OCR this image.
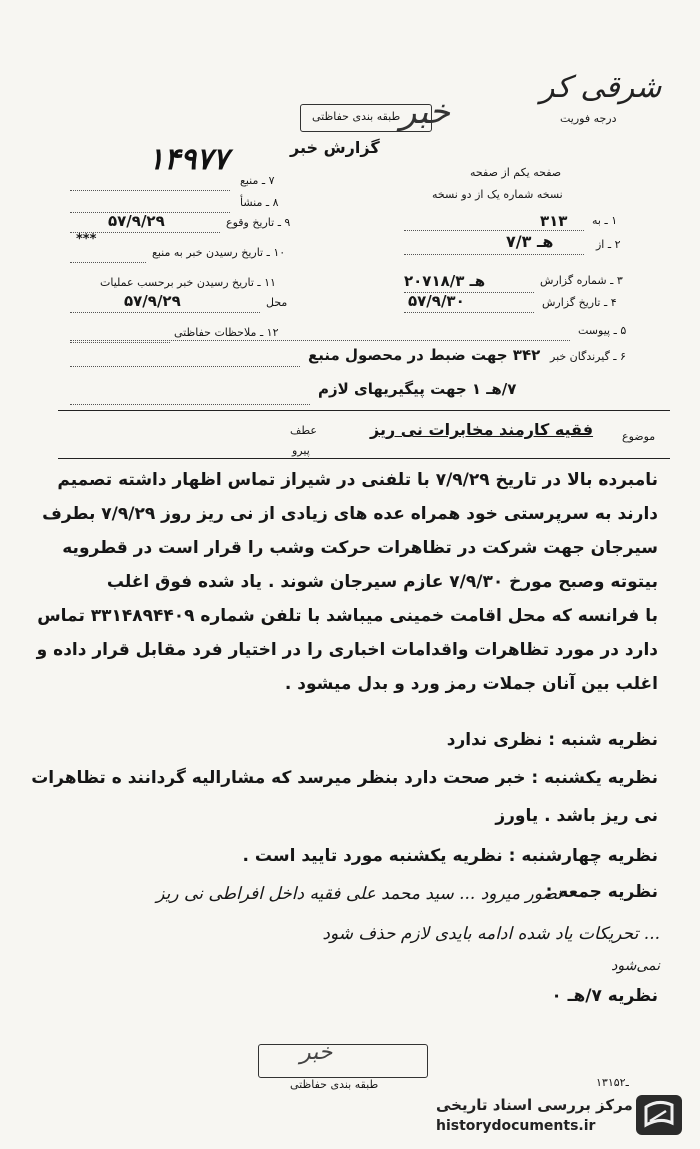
خبر
طبقه بندی حفاظتی
شرقی کر
درجه فوریت
گزارش خبر
۱۴۹۷۷
۷ ـ منبع
۸ ـ منشأ
۹ ـ تاریخ وقوع
۵۷/۹/۲۹
***
۱۰ ـ تاریخ رسیدن خبر به منبع
۱۱ ـ تاریخ رسیدن خبر برحسب عملیات
محل
۵۷/۹/۲۹
۱۲ ـ ملاحظات حفاظتی
صفحه یکم از صفحه
نسخه شماره یک از دو نسخه
۱ ـ به
۳۱۳
۲ ـ از
۷/هـ ۳
۳ ـ شماره گزارش
۲۰۷۱۸/هـ ۳
۴ ـ تاریخ گزارش
۵۷/۹/۳۰
۵ ـ پیوست
۶ ـ گیرندگان خبر
۳۴۲ جهت ضبط در محصول منبع
۷/هـ ۱ جهت پیگیریهای لازم
موضوع
فقیه کارمند مخابرات نی ریز
عطف
پیرو
نامبرده بالا در تاریخ ۷/۹/۲۹ با تلفنی در شیراز تماس اظهار داشته تصمیم
دارند به سرپرستی خود همراه عده های زیادی از نی ریز روز ۷/۹/۲۹ بطرف
سیرجان جهت شرکت در تظاهرات حرکت وشب را قرار است در قطرویه
بیتوته وصبح مورخ ۷/۹/۳۰ عازم سیرجان شوند . یاد شده فوق اغلب
با فرانسه که محل اقامت خمینی میباشد با تلفن شماره ۳۳۱۴۸۹۴۴۰۹ تماس
دارد در مورد تظاهرات واقدامات اخباری را در اختیار فرد مقابل قرار داده و
اغلب بین آنان جملات رمز ورد و بدل میشود .
نظریه شنبه : نظری ندارد
نظریه یکشنبه : خبر صحت دارد بنظر میرسد که مشارالیه گردانند ه تظاهرات
نی ریز باشد . یاورز
نظریه چهارشنبه : نظریه یکشنبه مورد تایید است .
نظریه جمعه :
تصور میرود ... سید محمد علی فقیه داخل افراطی نی ریز
... تحریکات یاد شده ادامه بایدی لازم حذف شود
نمی‌شود
نظریه ۷/هـ ۰
خبر
طبقه بندی حفاظتی	۱۳۱ـ۵۲
مرکز بررسی اسناد تاریخی
historydocuments.ir
